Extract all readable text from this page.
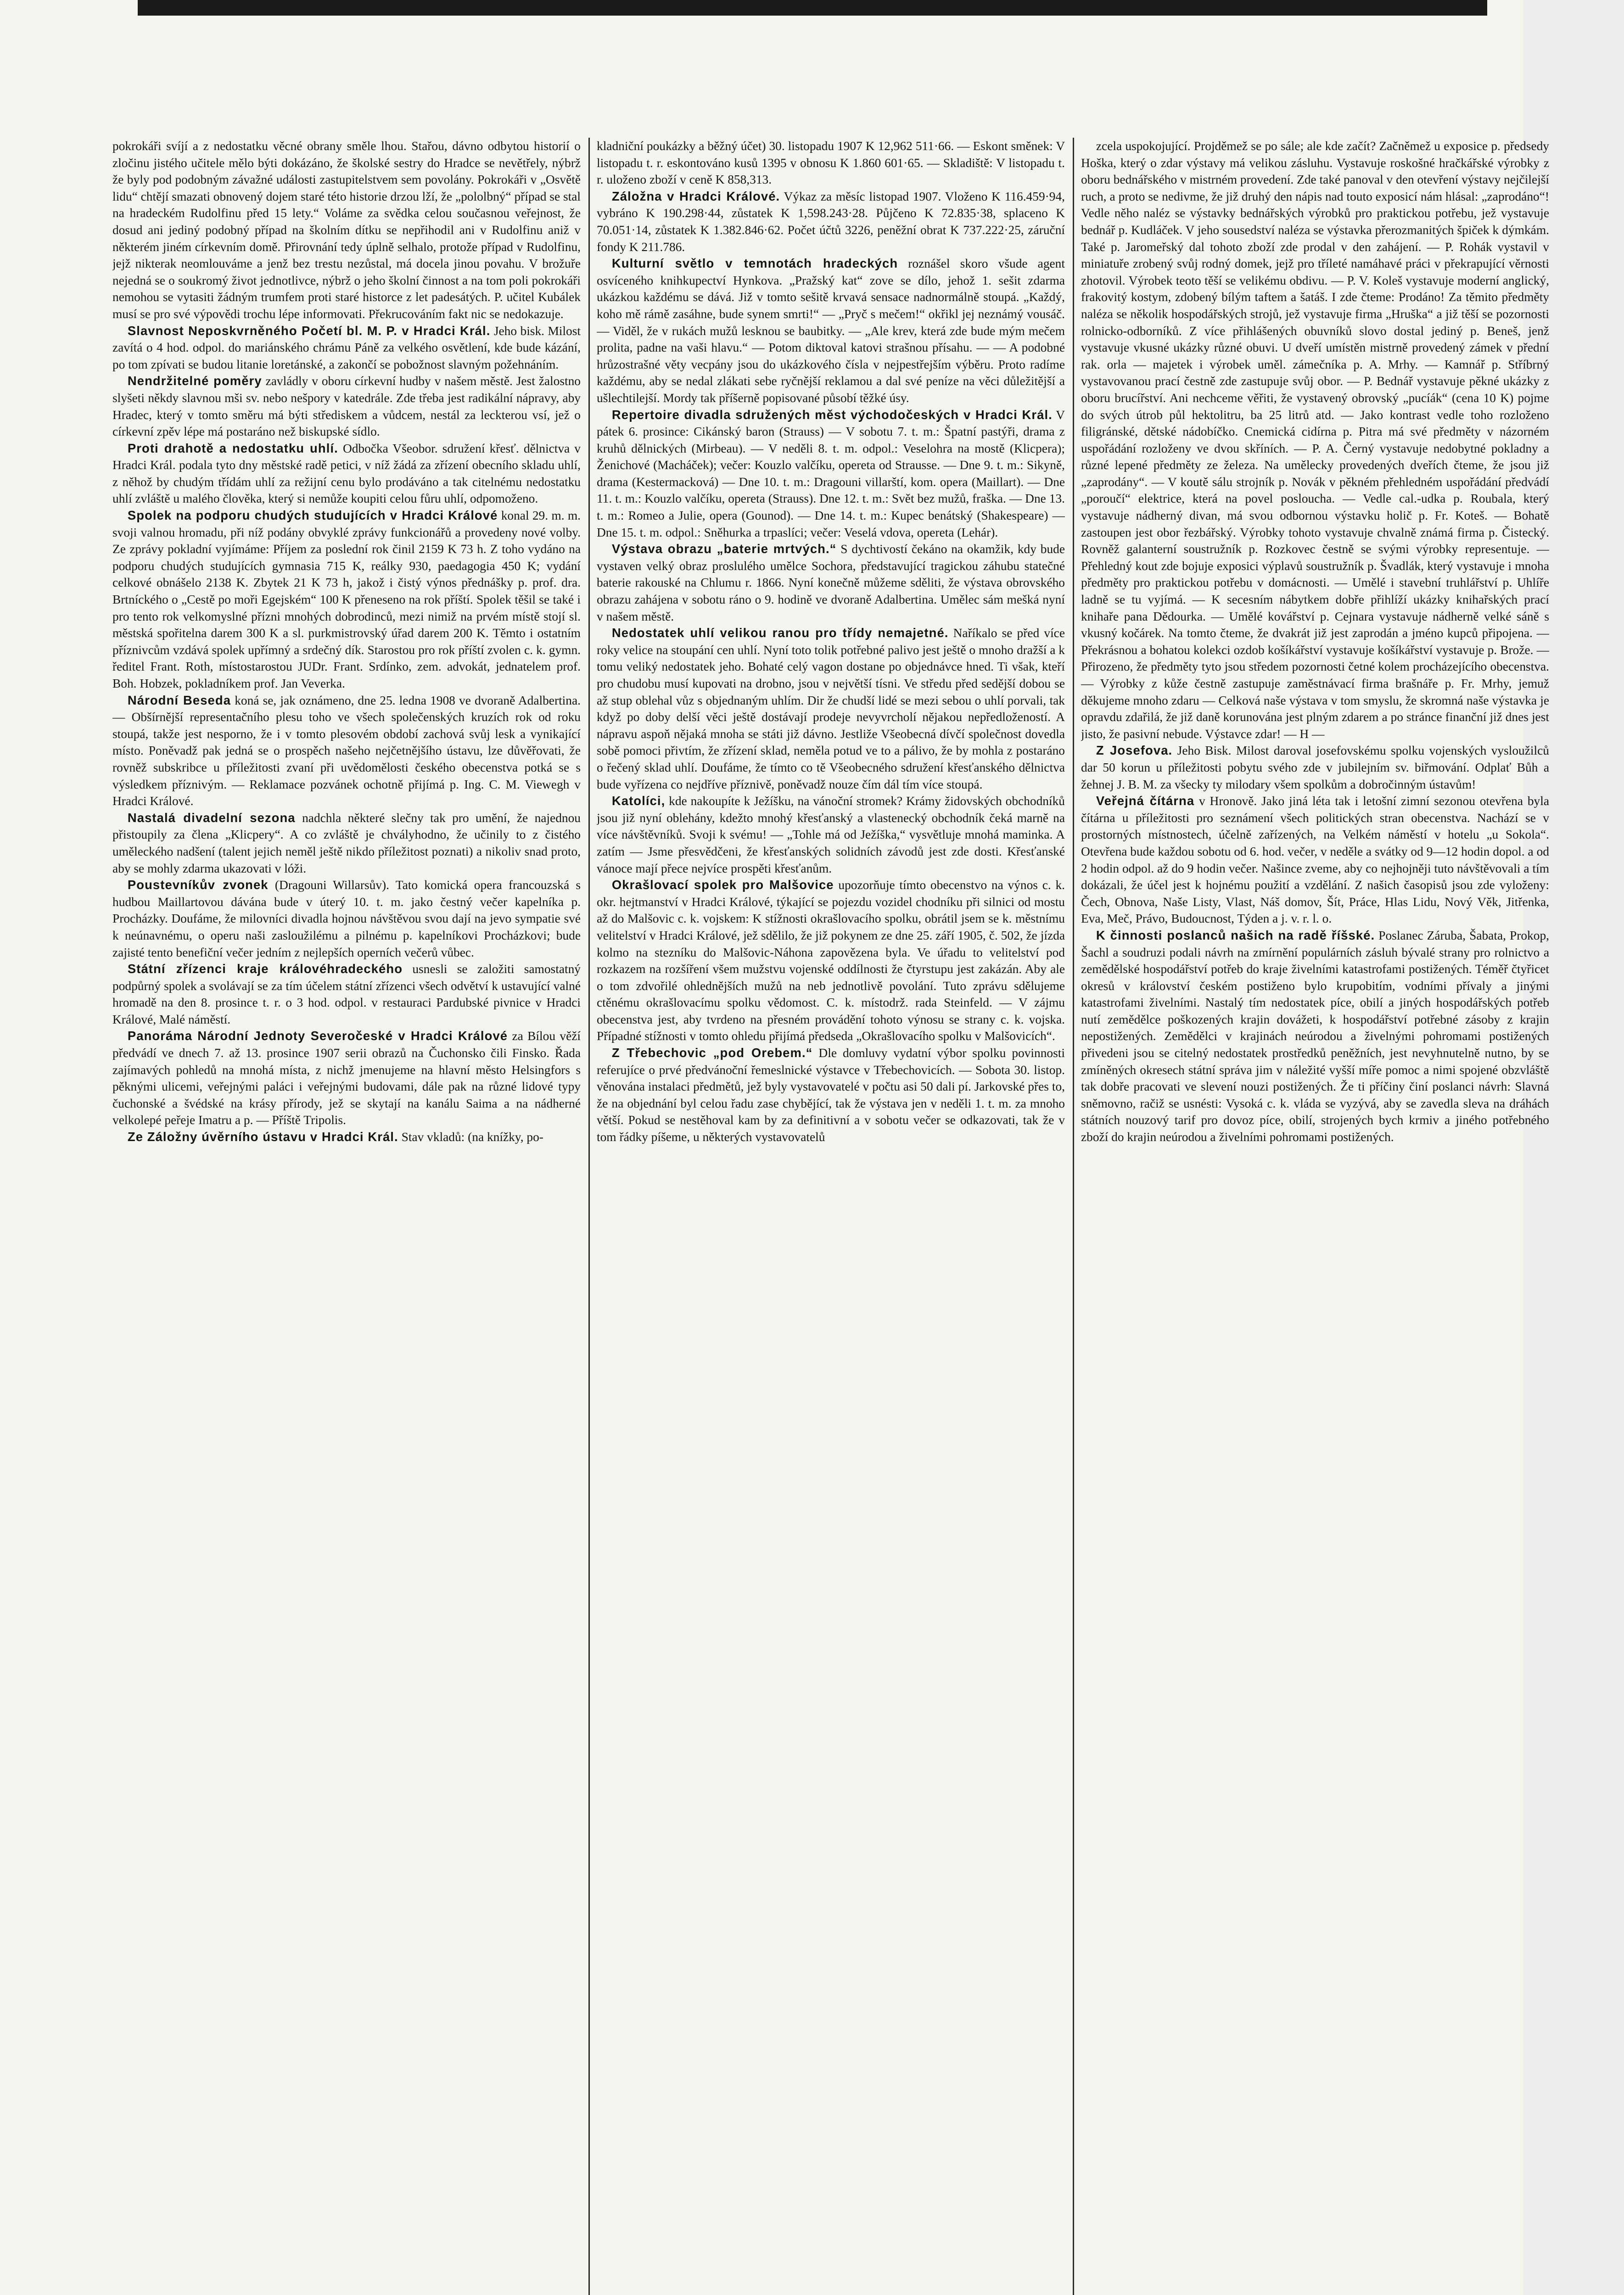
pokrokáři svíjí a z nedostatku věcné obrany směle lhou. Stařou, dávno odbytou historií o zločinu jistého učitele mělo býti dokázáno, že školské sestry do Hradce se nevětřely, nýbrž že byly pod podobným závažné události zastupitelstvem sem povolány. Pokrokáři v „Osvětě lidu“ chtějí smazati obnovený dojem staré této historie drzou lží, že „pololbný“ případ se stal na hradeckém Rudolfinu před 15 lety.“ Voláme za svědka celou současnou veřejnost, že dosud ani jediný podobný případ na školním dítku se nepřihodil ani v Rudolfinu aniž v některém jiném církevním domě. Přirovnání tedy úplně selhalo, protože případ v Rudolfinu, jejž nikterak neomlouváme a jenž bez trestu nezůstal, má docela jinou povahu. V brožuře nejedná se o soukromý život jednotlivce, nýbrž o jeho školní činnost a na tom poli pokrokáři nemohou se vytasiti žádným trumfem proti staré historce z let padesátých. P. učitel Kubálek musí se pro své výpovědi trochu lépe informovati. Překrucováním fakt nic se nedokazuje.

Slavnost Neposkvrněného Početí bl. M. P. v Hradci Král. Jeho bisk. Milost zavítá o 4 hod. odpol. do mariánského chrámu Páně za velkého osvětlení, kde bude kázání, po tom zpívati se budou litanie loretánské, a zakončí se pobožnost slavným požehnáním.

Nendržitelné poměry zavládly v oboru církevní hudby v našem městě. Jest žalostno slyšeti někdy slavnou mši sv. nebo nešpory v katedrále. Zde třeba jest radikální nápravy, aby Hradec, který v tomto směru má býti střediskem a vůdcem, nestál za leckterou vsí, jež o církevní zpěv lépe má postaráno než biskupské sídlo.

Proti drahotě a nedostatku uhlí. Odbočka Všeobor. sdružení křesť. dělnictva v Hradci Král. podala tyto dny městské radě petici, v níž žádá za zřízení obecního skladu uhlí, z něhož by chudým třídám uhlí za režijní cenu bylo prodáváno a tak citelnému nedostatku uhlí zvláště u malého člověka, který si nemůže koupiti celou fůru uhlí, odpomoženo.

Spolek na podporu chudých studujících v Hradci Králové konal 29. m. m. svoji valnou hromadu, při níž podány obvyklé zprávy funkcionářů a provedeny nové volby. Ze zprávy pokladní vyjímáme: Příjem za poslední rok činil 2159 K 73 h. Z toho vydáno na podporu chudých studujících gymnasia 715 K, reálky 930, paedagogia 450 K; vydání celkové obnášelo 2138 K. Zbytek 21 K 73 h, jakož i čistý výnos přednášky p. prof. dra. Brtníckého o „Cestě po moři Egejském“ 100 K přeneseno na rok příští. Spolek těšil se také i pro tento rok velkomyslné přízni mnohých dobrodinců, mezi nimiž na prvém místě stojí sl. městská spořitelna darem 300 K a sl. purkmistrovský úřad darem 200 K. Těmto i ostatním příznivcům vzdává spolek upřímný a srdečný dík. Starostou pro rok příští zvolen c. k. gymn. ředitel Frant. Roth, místostarostou JUDr. Frant. Srdínko, zem. advokát, jednatelem prof. Boh. Hobzek, pokladníkem prof. Jan Veverka.

Národní Beseda koná se, jak oznámeno, dne 25. ledna 1908 ve dvoraně Adalbertina. — Obšírnější representačního plesu toho ve všech společenských kruzích rok od roku stoupá, takže jest nesporno, že i v tomto plesovém období zachová svůj lesk a vynikající místo. Poněvadž pak jedná se o prospěch našeho nejčetnějšího ústavu, lze důvěřovati, že rovněž subskribce u příležitosti zvaní při uvědomělosti českého obecenstva potká se s výsledkem příznivým. — Reklamace pozvánek ochotně přijímá p. Ing. C. M. Viewegh v Hradci Králové.

Nastalá divadelní sezona nadchla některé slečny tak pro umění, že najednou přistoupily za člena „Klicpery“. A co zvláště je chvályhodno, že učinily to z čistého uměleckého nadšení (talent jejich neměl ještě nikdo příležitost poznati) a nikoliv snad proto, aby se mohly zdarma ukazovati v lóži.

Poustevníkův zvonek (Dragouni Willarsův). Tato komická opera francouzská s hudbou Maillartovou dávána bude v úterý 10. t. m. jako čestný večer kapelníka p. Procházky. Doufáme, že milovníci divadla hojnou návštěvou svou dají na jevo sympatie své k neúnavnému, o operu naši zasloužilému a pilnému p. kapelníkovi Procházkovi; bude zajisté tento benefiční večer jedním z nejlepších operních večerů vůbec.

Státní zřízenci kraje královéhradeckého usnesli se založiti samostatný podpůrný spolek a svolávají se za tím účelem státní zřízenci všech odvětví k ustavující valné hromadě na den 8. prosince t. r. o 3 hod. odpol. v restauraci Pardubské pivnice v Hradci Králové, Malé náměstí.

Panoráma Národní Jednoty Severočeské v Hradci Králové za Bílou věží předvádí ve dnech 7. až 13. prosince 1907 serii obrazů na Čuchonsko čili Finsko. Řada zajímavých pohledů na mnohá místa, z nichž jmenujeme na hlavní město Helsingfors s pěknými ulicemi, veřejnými paláci i veřejnými budovami, dále pak na různé lidové typy čuchonské a švédské na krásy přírody, jež se skytají na kanálu Saima a na nádherné velkolepé peřeje Imatru a p. — Příště Tripolis.

Ze Záložny úvěrního ústavu v Hradci Král. Stav vkladů: (na knížky, po-

kladniční poukázky a běžný účet) 30. listopadu 1907 K 12,962 511·66. — Eskont směnek: V listopadu t. r. eskontováno kusů 1395 v obnosu K 1.860 601·65. — Skladiště: V listopadu t. r. uloženo zboží v ceně K 858,313.

Záložna v Hradci Králové. Výkaz za měsíc listopad 1907. Vloženo K 116.459·94, vybráno K 190.298·44, zůstatek K 1,598.243·28. Půjčeno K 72.835·38, splaceno K 70.051·14, zůstatek K 1.382.846·62. Počet účtů 3226, peněžní obrat K 737.222·25, záruční fondy K 211.786.

Kulturní světlo v temnotách hradeckých roznášel skoro všude agent osvíceného knihkupectví Hynkova. „Pražský kat“ zove se dílo, jehož 1. sešit zdarma ukázkou každému se dává. Již v tomto sešitě krvavá sensace nadnormálně stoupá. „Každý, koho mě rámě zasáhne, bude synem smrti!“ — „Pryč s mečem!“ okřikl jej neznámý vousáč. — Viděl, že v rukách mužů lesknou se baubitky. — „Ale krev, která zde bude mým mečem prolita, padne na vaši hlavu.“ — Potom diktoval katovi strašnou přísahu. — — A podobné hrůzostrašné věty vecpány jsou do ukázkového čísla v nejpestřejším výběru. Proto radíme každému, aby se nedal zlákati sebe ryčnější reklamou a dal své peníze na věci důležitější a ušlechtilejší. Mordy tak příšerně popisované působí těžké úsy.

Repertoire divadla sdružených měst východočeských v Hradci Král. V pátek 6. prosince: Cikánský baron (Strauss) — V sobotu 7. t. m.: Špatní pastýři, drama z kruhů dělnických (Mirbeau). — V neděli 8. t. m. odpol.: Veselohra na mostě (Klicpera); Ženichové (Macháček); večer: Kouzlo valčíku, opereta od Strausse. — Dne 9. t. m.: Sikyně, drama (Kestermacková) — Dne 10. t. m.: Dragouni villarští, kom. opera (Maillart). — Dne 11. t. m.: Kouzlo valčíku, opereta (Strauss). Dne 12. t. m.: Svět bez mužů, fraška. — Dne 13. t. m.: Romeo a Julie, opera (Gounod). — Dne 14. t. m.: Kupec benátský (Shakespeare) — Dne 15. t. m. odpol.: Sněhurka a trpaslíci; večer: Veselá vdova, opereta (Lehár).

Výstava obrazu „baterie mrtvých.“ S dychtivostí čekáno na okamžik, kdy bude vystaven velký obraz proslulého umělce Sochora, představující tragickou záhubu statečné baterie rakouské na Chlumu r. 1866. Nyní konečně můžeme sděliti, že výstava obrovského obrazu zahájena v sobotu ráno o 9. hodině ve dvoraně Adalbertina. Umělec sám mešká nyní v našem městě.

Nedostatek uhlí velikou ranou pro třídy nemajetné. Naříkalo se před více roky velice na stoupání cen uhlí. Nyní toto tolik potřebné palivo jest ještě o mnoho dražší a k tomu veliký nedostatek jeho. Bohaté celý vagon dostane po objednávce hned. Ti však, kteří pro chudobu musí kupovati na drobno, jsou v největší tísni. Ve středu před sedější dobou se až stup oblehal vůz s objednaným uhlím. Dir že chudší lidé se mezi sebou o uhlí porvali, tak když po doby delší věci ještě dostávají prodeje nevyvrcholí nějakou nepředložeností. A nápravu aspoň nějaká mnoha se státi již dávno. Jestliže Všeobecná dívčí společnost dovedla sobě pomoci přivtím, že zřízení sklad, neměla potud ve to a pálivo, že by mohla z postaráno o řečený sklad uhlí. Doufáme, že tímto co tě Všeobecného sdružení křesťanského dělnictva bude vyřízena co nejdříve příznivě, poněvadž nouze čím dál tím více stoupá.

Katolíci, kde nakoupíte k Ježíšku, na vánoční stromek? Krámy židovských obchodníků jsou již nyní oblehány, kdežto mnohý křesťanský a vlastenecký obchodník čeká marně na více návštěvníků. Svoji k svému! — „Tohle má od Ježíška,“ vysvětluje mnohá maminka. A zatím — Jsme přesvědčeni, že křesťanských solidních závodů jest zde dosti. Křesťanské vánoce mají přece nejvíce prospěti křesťanům.

Okrašlovací spolek pro Malšovice upozorňuje tímto obecenstvo na výnos c. k. okr. hejtmanství v Hradci Králové, týkající se pojezdu vozidel chodníku při silnici od mostu až do Malšovic c. k. vojskem: K stížnosti okrašlovacího spolku, obrátil jsem se k. městnímu velitelství v Hradci Králové, jež sdělilo, že již pokynem ze dne 25. září 1905, č. 502, že jízda kolmo na stezníku do Malšovic-Náhona zapovězena byla. Ve úřadu to velitelství pod rozkazem na rozšíření všem mužstvu vojenské oddílnosti že čtyrstupu jest zakázán. Aby ale o tom zdvořilé ohlednějších mužů na neb jednotlivě povolání. Tuto zprávu sdělujeme ctěnému okrašlovacímu spolku vědomost. C. k. místodrž. rada Steinfeld. — V zájmu obecenstva jest, aby tvrdeno na přesném provádění tohoto výnosu se strany c. k. vojska. Případné stížnosti v tomto ohledu přijímá předseda „Okrašlovacího spolku v Malšovicích“.

Z Třebechovic „pod Orebem.“ Dle domluvy vydatní výbor spolku povinnosti referujíce o prvé předvánoční řemeslnické výstavce v Třebechovicích. — Sobota 30. listop. věnována instalaci předmětů, jež byly vystavovatelé v počtu asi 50 dali pí. Jarkovské přes to, že na objednání byl celou řadu zase chybějící, tak že výstava jen v neděli 1. t. m. za mnoho větší. Pokud se nestěhoval kam by za definitivní a v sobotu večer se odkazovati, tak že v tom řádky píšeme, u některých vystavovatelů

zcela uspokojující. Projděmež se po sále; ale kde začít? Začněmež u exposice p. předsedy Hoška, který o zdar výstavy má velikou zásluhu. Vystavuje roskošné hračkářské výrobky z oboru bednářského v mistrném provedení. Zde také panoval v den otevření výstavy nejčilejší ruch, a proto se nedivme, že již druhý den nápis nad touto exposicí nám hlásal: „zaprodáno“! Vedle něho naléz se výstavky bednářských výrobků pro praktickou potřebu, jež vystavuje bednář p. Kudláček. V jeho sousedství naléza se výstavka přerozmanitých špiček k dýmkám. Také p. Jaromeřský dal tohoto zboží zde prodal v den zahájení. — P. Rohák vystavil v miniatuře zrobený svůj rodný domek, jejž pro tříleté namáhavé práci v překrapující věrnosti zhotovil. Výrobek teoto těší se velikému obdivu. — P. V. Koleš vystavuje moderní anglický, frakovitý kostym, zdobený bílým taftem a šatáš. I zde čteme: Prodáno! Za těmito předměty naléza se několik hospodářských strojů, jež vystavuje firma „Hruška“ a již těší se pozornosti rolnicko-odborníků. Z více přihlášených obuvníků slovo dostal jediný p. Beneš, jenž vystavuje vkusné ukázky různé obuvi. U dveří umístěn mistrně provedený zámek v přední rak. orla — majetek i výrobek uměl. zámečníka p. A. Mrhy. — Kamnář p. Stříbrný vystavovanou prací čestně zde zastupuje svůj obor. — P. Bednář vystavuje pěkné ukázky z oboru brucířství. Ani nechceme věřiti, že vystavený obrovský „pucíák“ (cena 10 K) pojme do svých útrob půl hektolitru, ba 25 litrů atd. — Jako kontrast vedle toho rozloženo filigránské, dětské nádobíčko. Cnemická cidírna p. Pitra má své předměty v názorném uspořádání rozloženy ve dvou skříních. — P. A. Černý vystavuje nedobytné pokladny a různé lepené předměty ze železa. Na umělecky provedených dveřích čteme, že jsou již „zaprodány“. — V koutě sálu strojník p. Novák v pěkném přehledném uspořádání předvádí „poroučí“ elektrice, která na povel posloucha. — Vedle cal.-udka p. Roubala, který vystavuje nádherný divan, má svou odbornou výstavku holič p. Fr. Koteš. — Bohatě zastoupen jest obor řezbářský. Výrobky tohoto vystavuje chvalně známá firma p. Čistecký. Rovněž galanterní soustružník p. Rozkovec čestně se svými výrobky representuje. — Přehledný kout zde bojuje exposici výplavů soustružník p. Švadlák, který vystavuje i mnoha předměty pro praktickou potřebu v domácnosti. — Umělé i stavební truhlářství p. Uhlíře ladně se tu vyjímá. — K secesním nábytkem dobře přihlíží ukázky knihařských prací knihaře pana Dědourka. — Umělé kovářství p. Cejnara vystavuje nádherně velké sáně s vkusný kočárek. Na tomto čteme, že dvakrát již jest zaprodán a jméno kupců připojena. — Překrásnou a bohatou kolekci ozdob košíkářství vystavuje košíkářství vystavuje p. Brože. — Přirozeno, že předměty tyto jsou středem pozornosti četné kolem procházejícího obecenstva. — Výrobky z kůže čestně zastupuje zaměstnávací firma brašnáře p. Fr. Mrhy, jemuž děkujeme mnoho zdaru — Celková naše výstava v tom smyslu, že skromná naše výstavka je opravdu zdařilá, že již daně korunována jest plným zdarem a po stránce finanční již dnes jest jisto, že pasivní nebude. Výstavce zdar! — H —

Z Josefova. Jeho Bisk. Milost daroval josefovskému spolku vojenských vysloužilců dar 50 korun u příležitosti pobytu svého zde v jubilejním sv. biřmování. Odplať Bůh a žehnej J. B. M. za všecky ty milodary všem spolkům a dobročinným ústavům!

Veřejná čítárna v Hronově. Jako jiná léta tak i letošní zimní sezonou otevřena byla čítárna u příležitosti pro seznámení všech politických stran obecenstva. Nachází se v prostorných místnostech, účelně zařízených, na Velkém náměstí v hotelu „u Sokola“. Otevřena bude každou sobotu od 6. hod. večer, v neděle a svátky od 9—12 hodin dopol. a od 2 hodin odpol. až do 9 hodin večer. Našince zveme, aby co nejhojněji tuto návštěvovali a tím dokázali, že účel jest k hojnému použití a vzdělání. Z našich časopisů jsou zde vyloženy: Čech, Obnova, Naše Listy, Vlast, Náš domov, Šít, Práce, Hlas Lidu, Nový Věk, Jitřenka, Eva, Meč, Právo, Budoucnost, Týden a j. v. r. l. o.

K činnosti poslanců našich na radě říšské. Poslanec Záruba, Šabata, Prokop, Šachl a soudruzi podali návrh na zmírnění populárních zásluh bývalé strany pro rolnictvo a zemědělské hospodářství potřeb do kraje živelními katastrofami postižených. Téměř čtyřicet okresů v království českém postiženo bylo krupobitím, vodními přívaly a jinými katastrofami živelními. Nastalý tím nedostatek píce, obilí a jiných hospodářských potřeb nutí zemědělce poškozených krajin dovážeti, k hospodářství potřebné zásoby z krajin nepostižených. Zemědělci v krajinách neúrodou a živelnými pohromami postižených přivedeni jsou se citelný nedostatek prostředků peněžních, jest nevyhnutelně nutno, by se zmíněných okresech státní správa jim v náležité vyšší míře pomoc a nimi spojené obzvláště tak dobře pracovati ve slevení nouzi postižených. Že ti příčiny činí poslanci návrh: Slavná sněmovno, račiž se usnésti: Vysoká c. k. vláda se vyzývá, aby se zavedla sleva na dráhách státních nouzový tarif pro dovoz píce, obilí, strojených bych krmiv a jiného potřebného zboží do krajin neúrodou a živelními pohromami postižených.
